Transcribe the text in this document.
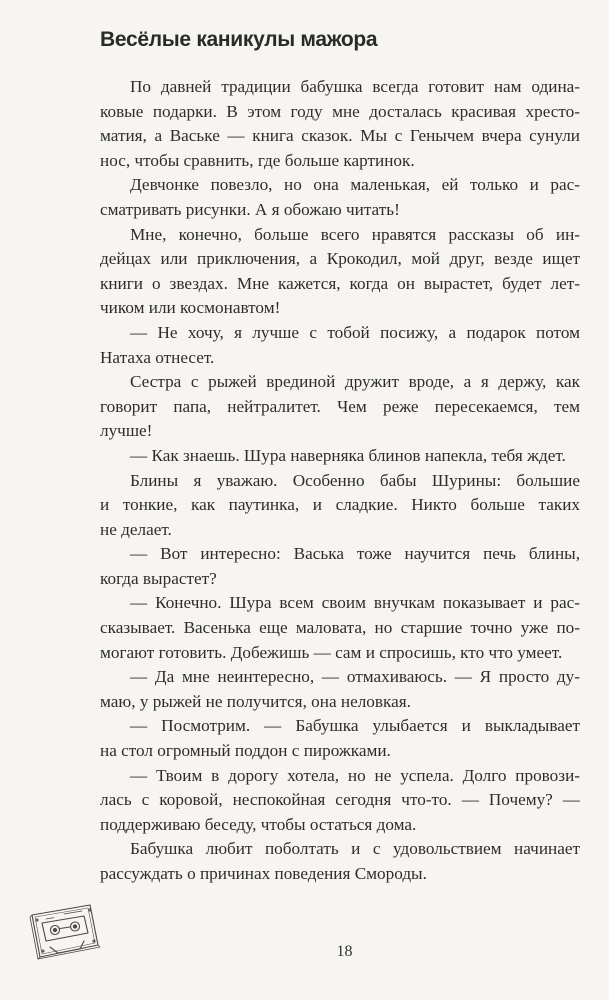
Весёлые каникулы мажора
По давней традиции бабушка всегда готовит нам одина-
ковые подарки. В этом году мне досталась красивая хресто-
матия, а Ваське — книга сказок. Мы с Генычем вчера сунули
нос, чтобы сравнить, где больше картинок.
Девчонке повезло, но она маленькая, ей только и рас-
сматривать рисунки. А я обожаю читать!
Мне, конечно, больше всего нравятся рассказы об ин-
дейцах или приключения, а Крокодил, мой друг, везде ищет
книги о звездах. Мне кажется, когда он вырастет, будет лет-
чиком или космонавтом!
— Не хочу, я лучше с тобой посижу, а подарок потом
Натаха отнесет.
Сестра с рыжей врединой дружит вроде, а я держу, как
говорит папа, нейтралитет. Чем реже пересекаемся, тем
лучше!
— Как знаешь. Шура наверняка блинов напекла, тебя ждет.
Блины я уважаю. Особенно бабы Шурины: большие
и тонкие, как паутинка, и сладкие. Никто больше таких
не делает.
— Вот интересно: Васька тоже научится печь блины,
когда вырастет?
— Конечно. Шура всем своим внучкам показывает и рас-
сказывает. Васенька еще маловата, но старшие точно уже по-
могают готовить. Добежишь — сам и спросишь, кто что умеет.
— Да мне неинтересно, — отмахиваюсь. — Я просто ду-
маю, у рыжей не получится, она неловкая.
— Посмотрим. — Бабушка улыбается и выкладывает
на стол огромный поддон с пирожками.
— Твоим в дорогу хотела, но не успела. Долго провози-
лась с коровой, неспокойная сегодня что-то. — Почему? —
поддерживаю беседу, чтобы остаться дома.
Бабушка любит поболтать и с удовольствием начинает
рассуждать о причинах поведения Смороды.
18
